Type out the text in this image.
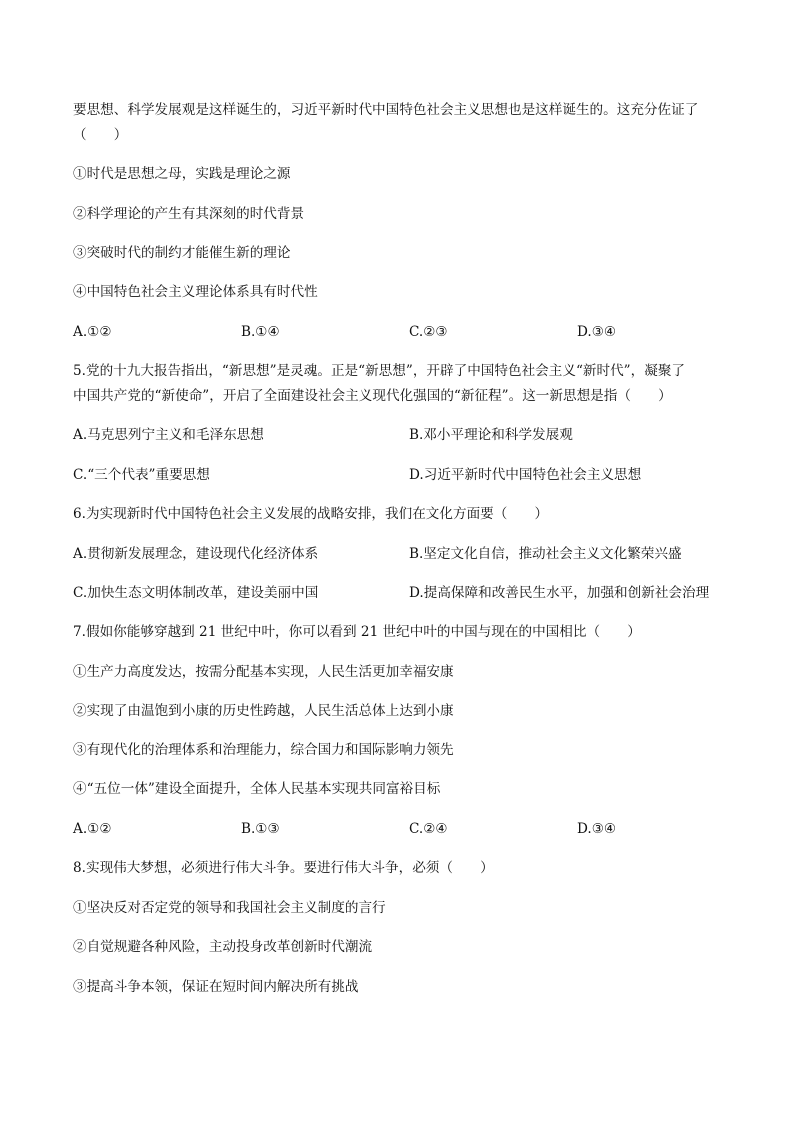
要思想、科学发展观是这样诞生的，习近平新时代中国特色社会主义思想也是这样诞生的。这充分佐证了
（　　）
①时代是思想之母，实践是理论之源
②科学理论的产生有其深刻的时代背景
③突破时代的制约才能催生新的理论
④中国特色社会主义理论体系具有时代性
A.①②	B.①④	C.②③	D.③④
5.党的十九大报告指出，“新思想”是灵魂。正是“新思想”，开辟了中国特色社会主义“新时代”，凝聚了
中国共产党的“新使命”，开启了全面建设社会主义现代化强国的“新征程”。这一新思想是指（　　）
A.马克思列宁主义和毛泽东思想	B.邓小平理论和科学发展观
C.“三个代表”重要思想	D.习近平新时代中国特色社会主义思想
6.为实现新时代中国特色社会主义发展的战略安排，我们在文化方面要（　　）
A.贯彻新发展理念，建设现代化经济体系	B.坚定文化自信，推动社会主义文化繁荣兴盛
C.加快生态文明体制改革，建设美丽中国	D.提高保障和改善民生水平，加强和创新社会治理
7.假如你能够穿越到 21 世纪中叶，你可以看到 21 世纪中叶的中国与现在的中国相比（　　）
①生产力高度发达，按需分配基本实现，人民生活更加幸福安康
②实现了由温饱到小康的历史性跨越，人民生活总体上达到小康
③有现代化的治理体系和治理能力，综合国力和国际影响力领先
④“五位一体”建设全面提升，全体人民基本实现共同富裕目标
A.①②	B.①③	C.②④	D.③④
8.实现伟大梦想，必须进行伟大斗争。要进行伟大斗争，必须（　　）
①坚决反对否定党的领导和我国社会主义制度的言行
②自觉规避各种风险，主动投身改革创新时代潮流
③提高斗争本领，保证在短时间内解决所有挑战
